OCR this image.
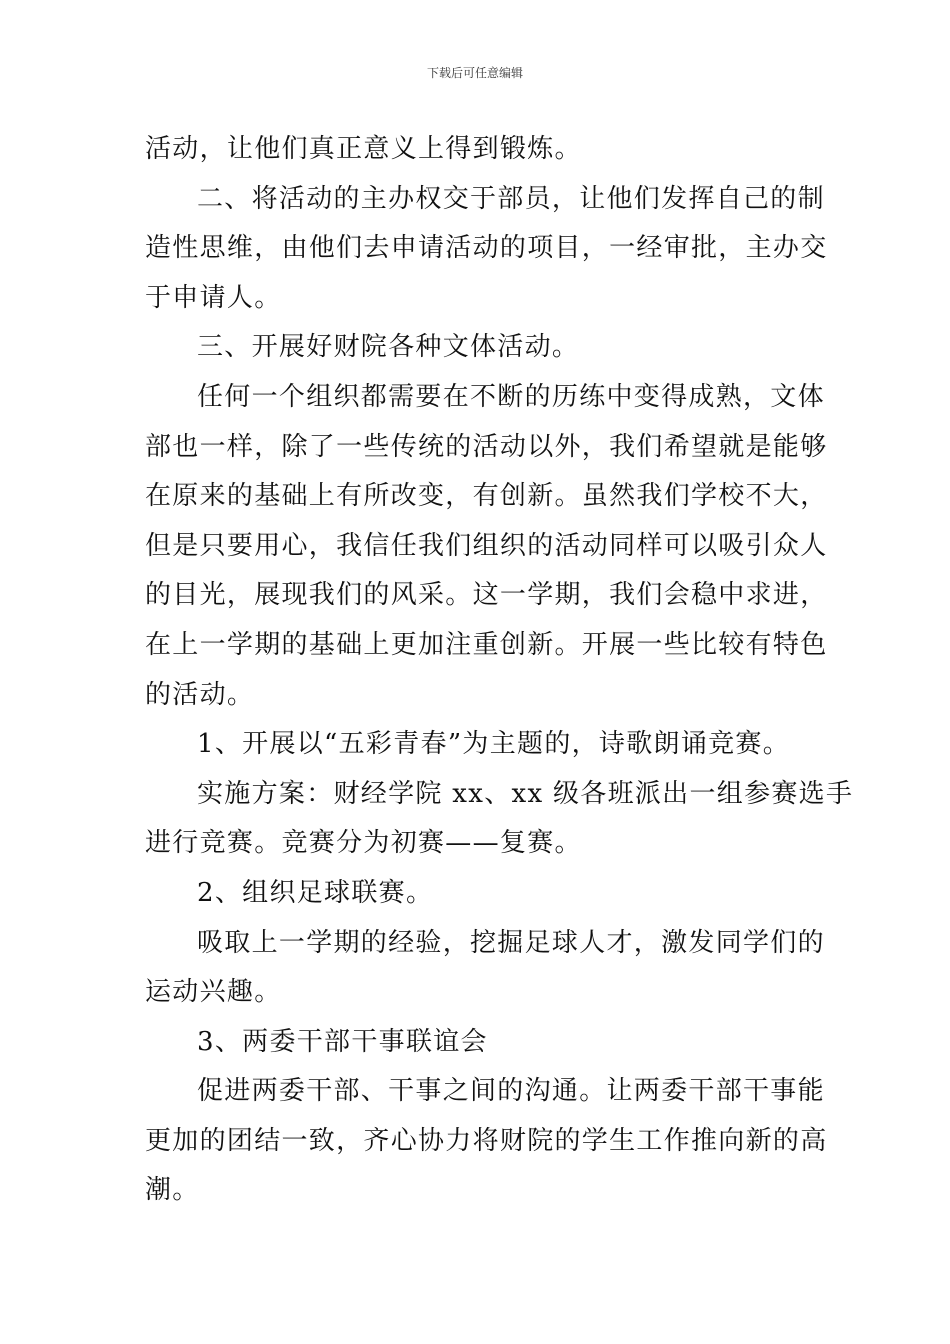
下载后可任意编辑
活动，让他们真正意义上得到锻炼。
二、将活动的主办权交于部员，让他们发挥自己的制
造性思维，由他们去申请活动的项目，一经审批，主办交
于申请人。
三、开展好财院各种文体活动。
任何一个组织都需要在不断的历练中变得成熟，文体
部也一样，除了一些传统的活动以外，我们希望就是能够
在原来的基础上有所改变，有创新。虽然我们学校不大，
但是只要用心，我信任我们组织的活动同样可以吸引众人
的目光，展现我们的风采。这一学期，我们会稳中求进，
在上一学期的基础上更加注重创新。开展一些比较有特色
的活动。
1、开展以“五彩青春”为主题的，诗歌朗诵竞赛。
实施方案：财经学院 xx、xx 级各班派出一组参赛选手
进行竞赛。竞赛分为初赛——复赛。
2、组织足球联赛。
吸取上一学期的经验，挖掘足球人才，激发同学们的
运动兴趣。
3、两委干部干事联谊会
促进两委干部、干事之间的沟通。让两委干部干事能
更加的团结一致，齐心协力将财院的学生工作推向新的高
潮。
